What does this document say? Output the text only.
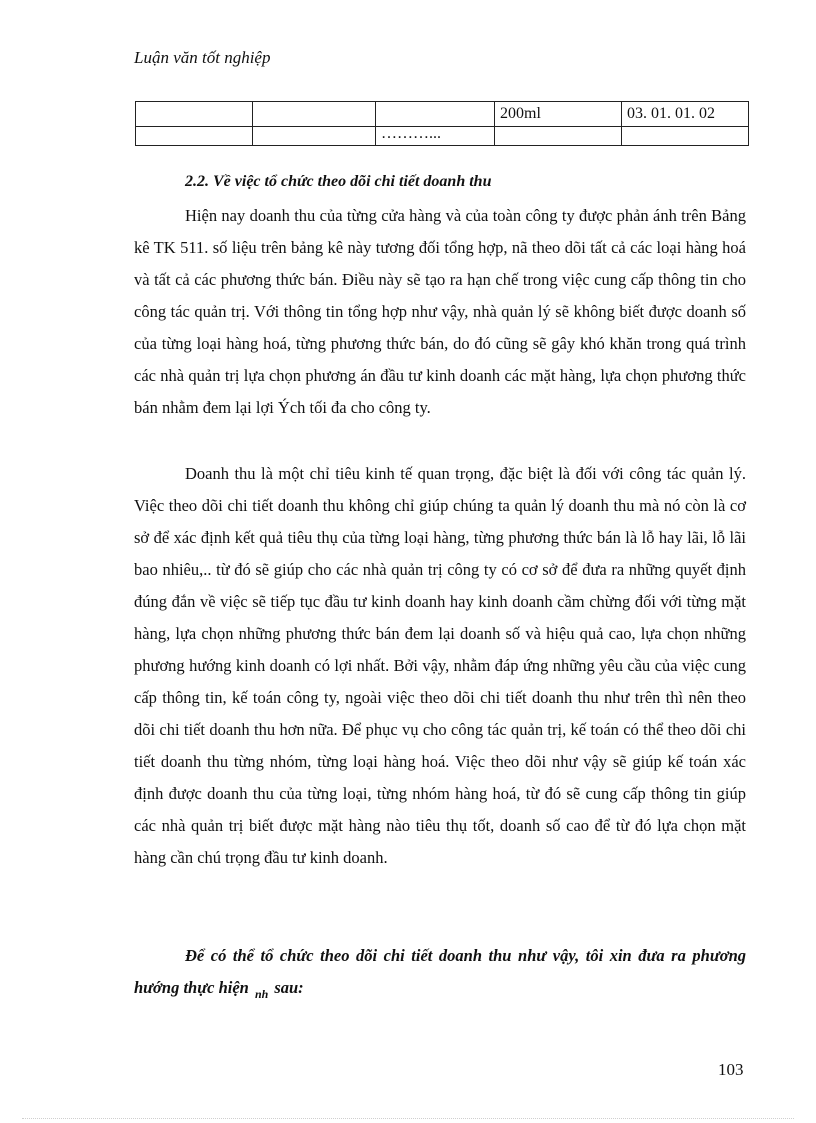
Luận văn tốt nghiệp
			200ml	03. 01. 01. 02
		………...		
2.2. Về việc tổ chức theo dõi chi tiết doanh thu

Hiện nay doanh thu của từng cửa hàng và của toàn công ty được phản ánh trên Bảng kê TK 511. số liệu trên bảng kê này tương đối tổng hợp, nã theo dõi tất cả các loại hàng hoá và tất cả các phương thức bán. Điều này sẽ tạo ra hạn chế trong việc cung cấp thông tin cho công tác quản trị. Với thông tin tổng hợp như vậy, nhà quản lý sẽ không biết được doanh số của từng loại hàng hoá, từng phương thức bán, do đó cũng sẽ gây khó khăn trong quá trình các nhà quản trị lựa chọn phương án đầu tư kinh doanh các mặt hàng, lựa chọn phương thức bán nhằm đem lại lợi Ých tối đa cho công ty.

Doanh thu là một chỉ tiêu kinh tế quan trọng, đặc biệt là đối với công tác quản lý. Việc theo dõi chi tiết doanh thu không chỉ giúp chúng ta quản lý doanh thu mà nó còn là cơ sở để xác định kết quả tiêu thụ của từng loại hàng, từng phương thức bán là lỗ hay lãi, lỗ lãi bao nhiêu,.. từ đó sẽ giúp cho các nhà quản trị công ty có cơ sở để đưa ra những quyết định đúng đắn về việc sẽ tiếp tục đầu tư kinh doanh hay kinh doanh cầm chừng đối với từng mặt hàng, lựa chọn những phương thức bán đem lại doanh số và hiệu quả cao, lựa chọn những phương hướng kinh doanh có lợi nhất. Bởi vậy, nhằm đáp ứng những yêu cầu của việc cung cấp thông tin, kế toán công ty, ngoài việc theo dõi chi tiết doanh thu như trên thì nên theo dõi chi tiết doanh thu hơn nữa. Để phục vụ cho công tác quản trị, kế toán có thể theo dõi chi tiết doanh thu từng nhóm, từng loại hàng hoá. Việc theo dõi như vậy sẽ giúp kế toán xác định được doanh thu của từng loại, từng nhóm hàng hoá, từ đó sẽ cung cấp thông tin giúp các nhà quản trị biết được mặt hàng nào tiêu thụ tốt, doanh số cao để từ đó lựa chọn mặt hàng cần chú trọng đầu tư kinh doanh.

Để có thể tổ chức theo dõi chi tiết doanh thu như vậy, tôi xin đưa ra phương hướng thực hiện $_{nh}$ sau:

103
